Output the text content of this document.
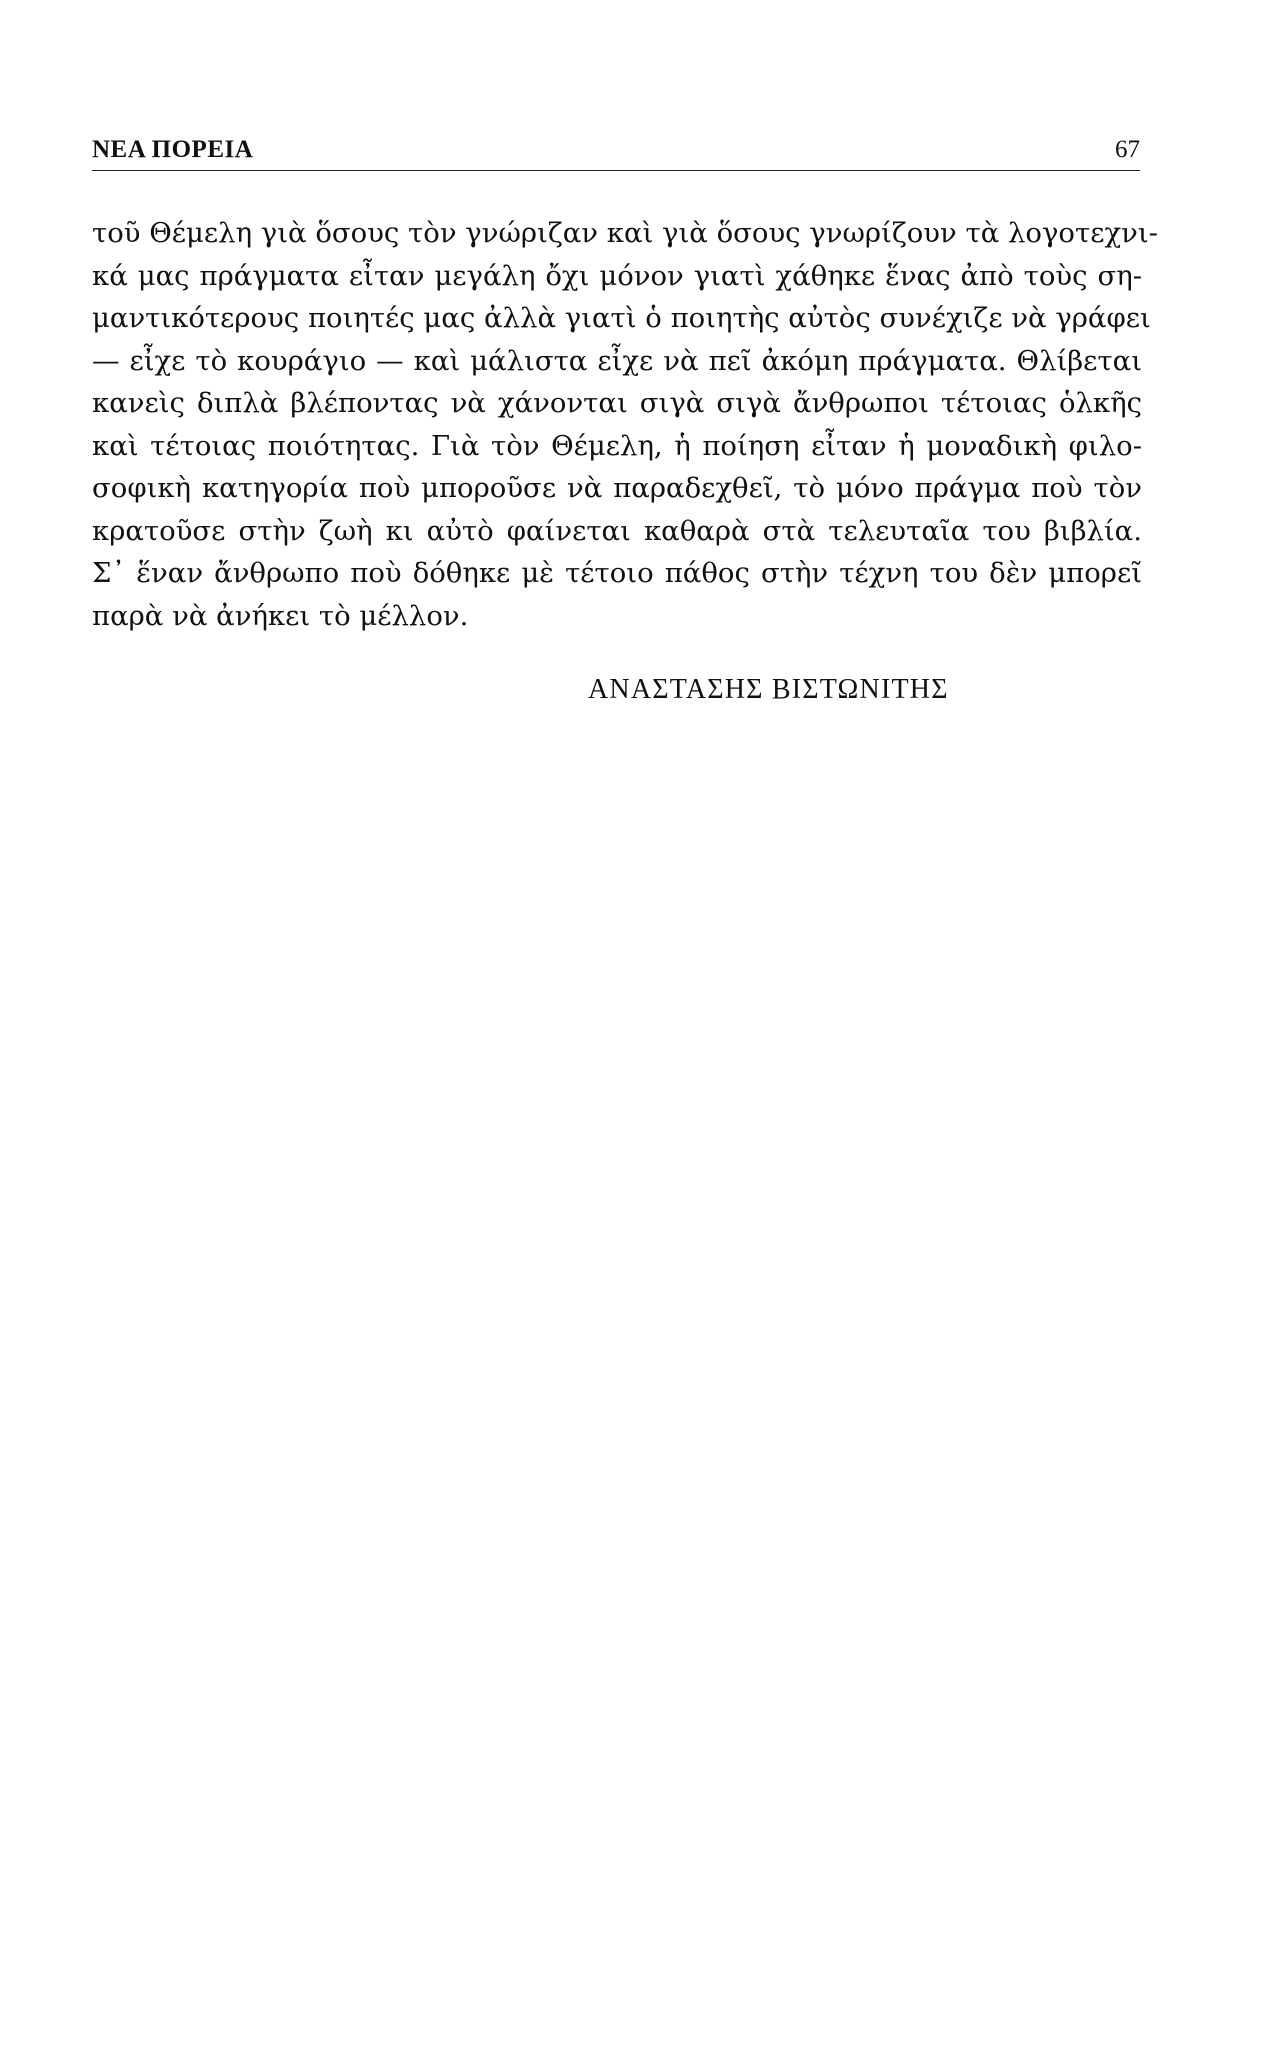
ΝΕΑ ΠΟΡΕΙΑ	67
τοῦ Θέμελη γιὰ ὅσους τὸν γνώριζαν καὶ γιὰ ὅσους γνωρίζουν τὰ λογοτεχνι-
κά μας πράγματα εἶταν μεγάλη ὄχι μόνον γιατὶ χάθηκε ἕνας ἀπὸ τοὺς ση-
μαντικότερους ποιητές μας ἀλλὰ γιατὶ ὁ ποιητὴς αὐτὸς συνέχιζε νὰ γράφει
— εἶχε τὸ κουράγιο — καὶ μάλιστα εἶχε νὰ πεῖ ἀκόμη πράγματα. Θλίβεται
κανεὶς διπλὰ βλέποντας νὰ χάνονται σιγὰ σιγὰ ἄνθρωποι τέτοιας ὁλκῆς
καὶ τέτοιας ποιότητας. Γιὰ τὸν Θέμελη, ἡ ποίηση εἶταν ἡ μοναδικὴ φιλο-
σοφικὴ κατηγορία ποὺ μποροῦσε νὰ παραδεχθεῖ, τὸ μόνο πράγμα ποὺ τὸν
κρατοῦσε στὴν ζωὴ κι αὐτὸ φαίνεται καθαρὰ στὰ τελευταῖα του βιβλία.
Σ᾿ ἕναν ἄνθρωπο ποὺ δόθηκε μὲ τέτοιο πάθος στὴν τέχνη του δὲν μπορεῖ
παρὰ νὰ ἀνήκει τὸ μέλλον.
ΑΝΑΣΤΑΣΗΣ ΒΙΣΤΩΝΙΤΗΣ
